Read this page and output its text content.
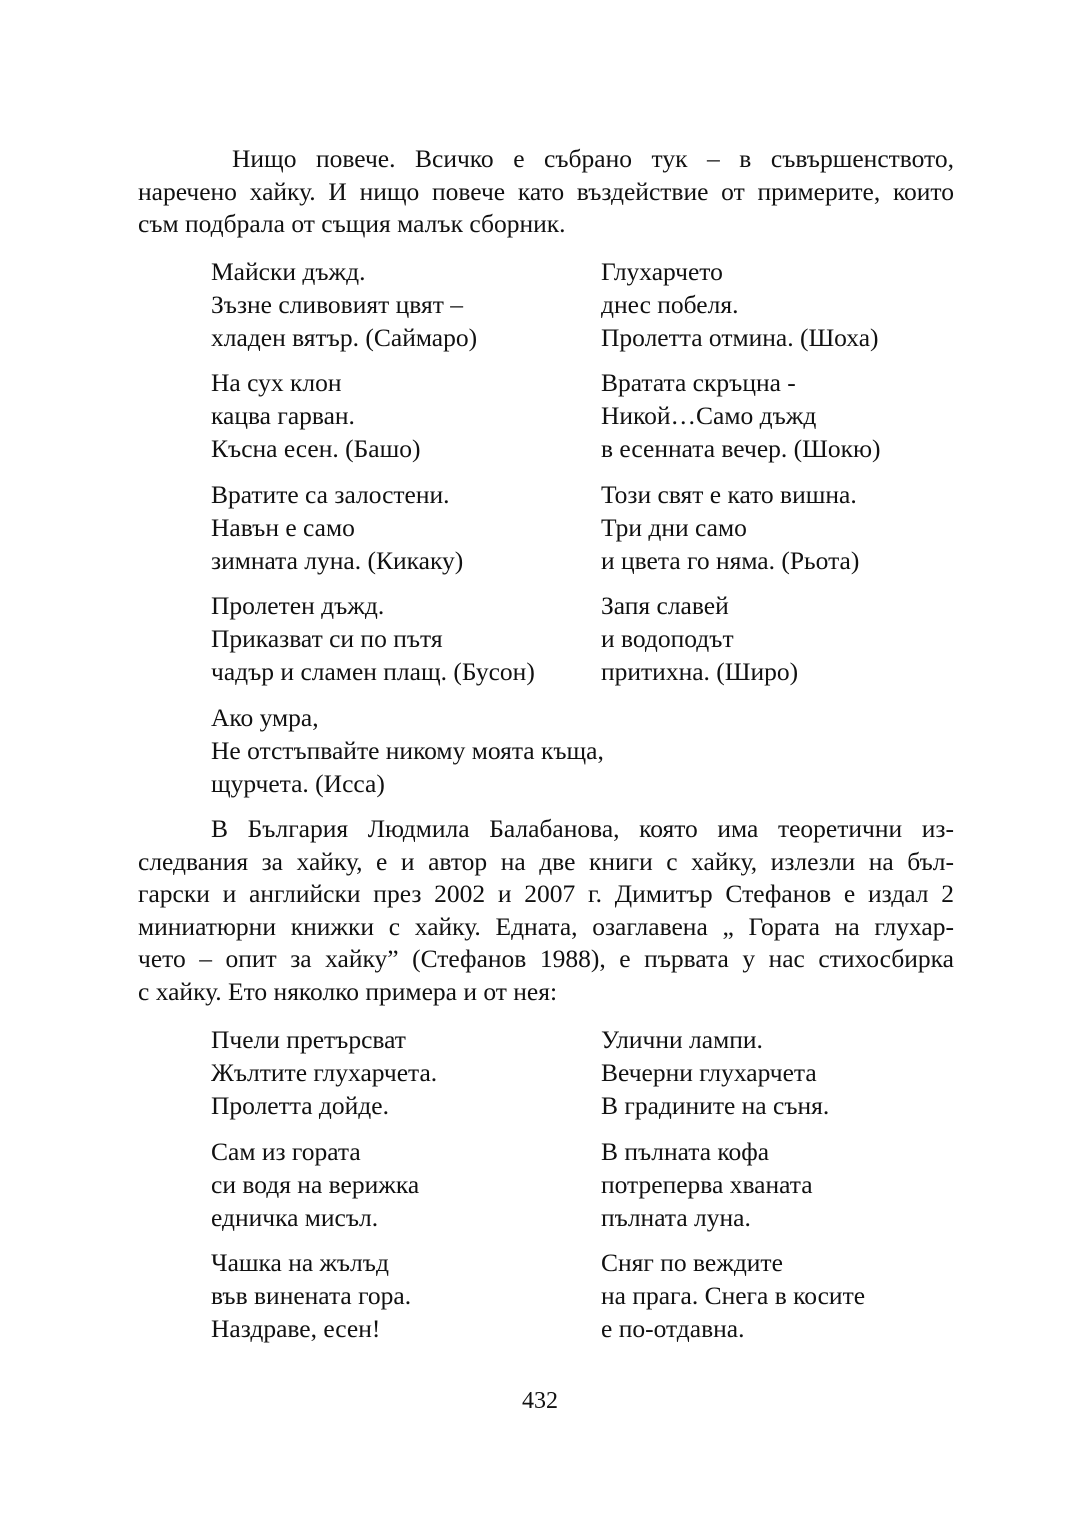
Нищо повече. Всичко е събрано тук – в съвършенството,
наречено хайку. И нищо повече като въздействие от примерите, които
съм подбрала от същия малък сборник.
Майски дъжд.
Зъзне сливовият цвят –
хладен вятър. (Саймаро)
Глухарчето
днес побеля.
Пролетта отмина. (Шоха)
На сух клон
кацва гарван.
Късна есен. (Башо)
Вратата скръцна -
Никой…Само дъжд
в есенната вечер. (Шокю)
Вратите са залостени.
Навън е само
зимната луна. (Кикаку)
Този свят е като вишна.
Три дни само
и цвета го няма. (Рьота)
Пролетен дъжд.
Приказват си по пътя
чадър и сламен плащ. (Бусон)
Запя славей
и водоподът
притихна. (Широ)
Ако умра,
Не отстъпвайте никому моята къща,
щурчета. (Исса)
В България Людмила Балабанова, която има теоретични из-
следвания за хайку, е и автор на две книги с хайку, излезли на бъл-
гарски и английски през 2002 и 2007 г. Димитър Стефанов е издал 2
миниатюрни книжки с хайку. Едната, озаглавена „ Гората на глухар-
чето – опит за хайку” (Стефанов 1988), е първата у нас стихосбирка
с хайку. Ето няколко примера и от нея:
Пчели претърсват
Жълтите глухарчета.
Пролетта дойде.
Улични лампи.
Вечерни глухарчета
В градините на съня.
Сам из гората
си водя на верижка
едничка мисъл.
В пълната кофа
потреперва хваната
пълната луна.
Чашка на жълъд
във винената гора.
Наздраве, есен!
Сняг по веждите
на прага. Снега в косите
е по-отдавна.
432
